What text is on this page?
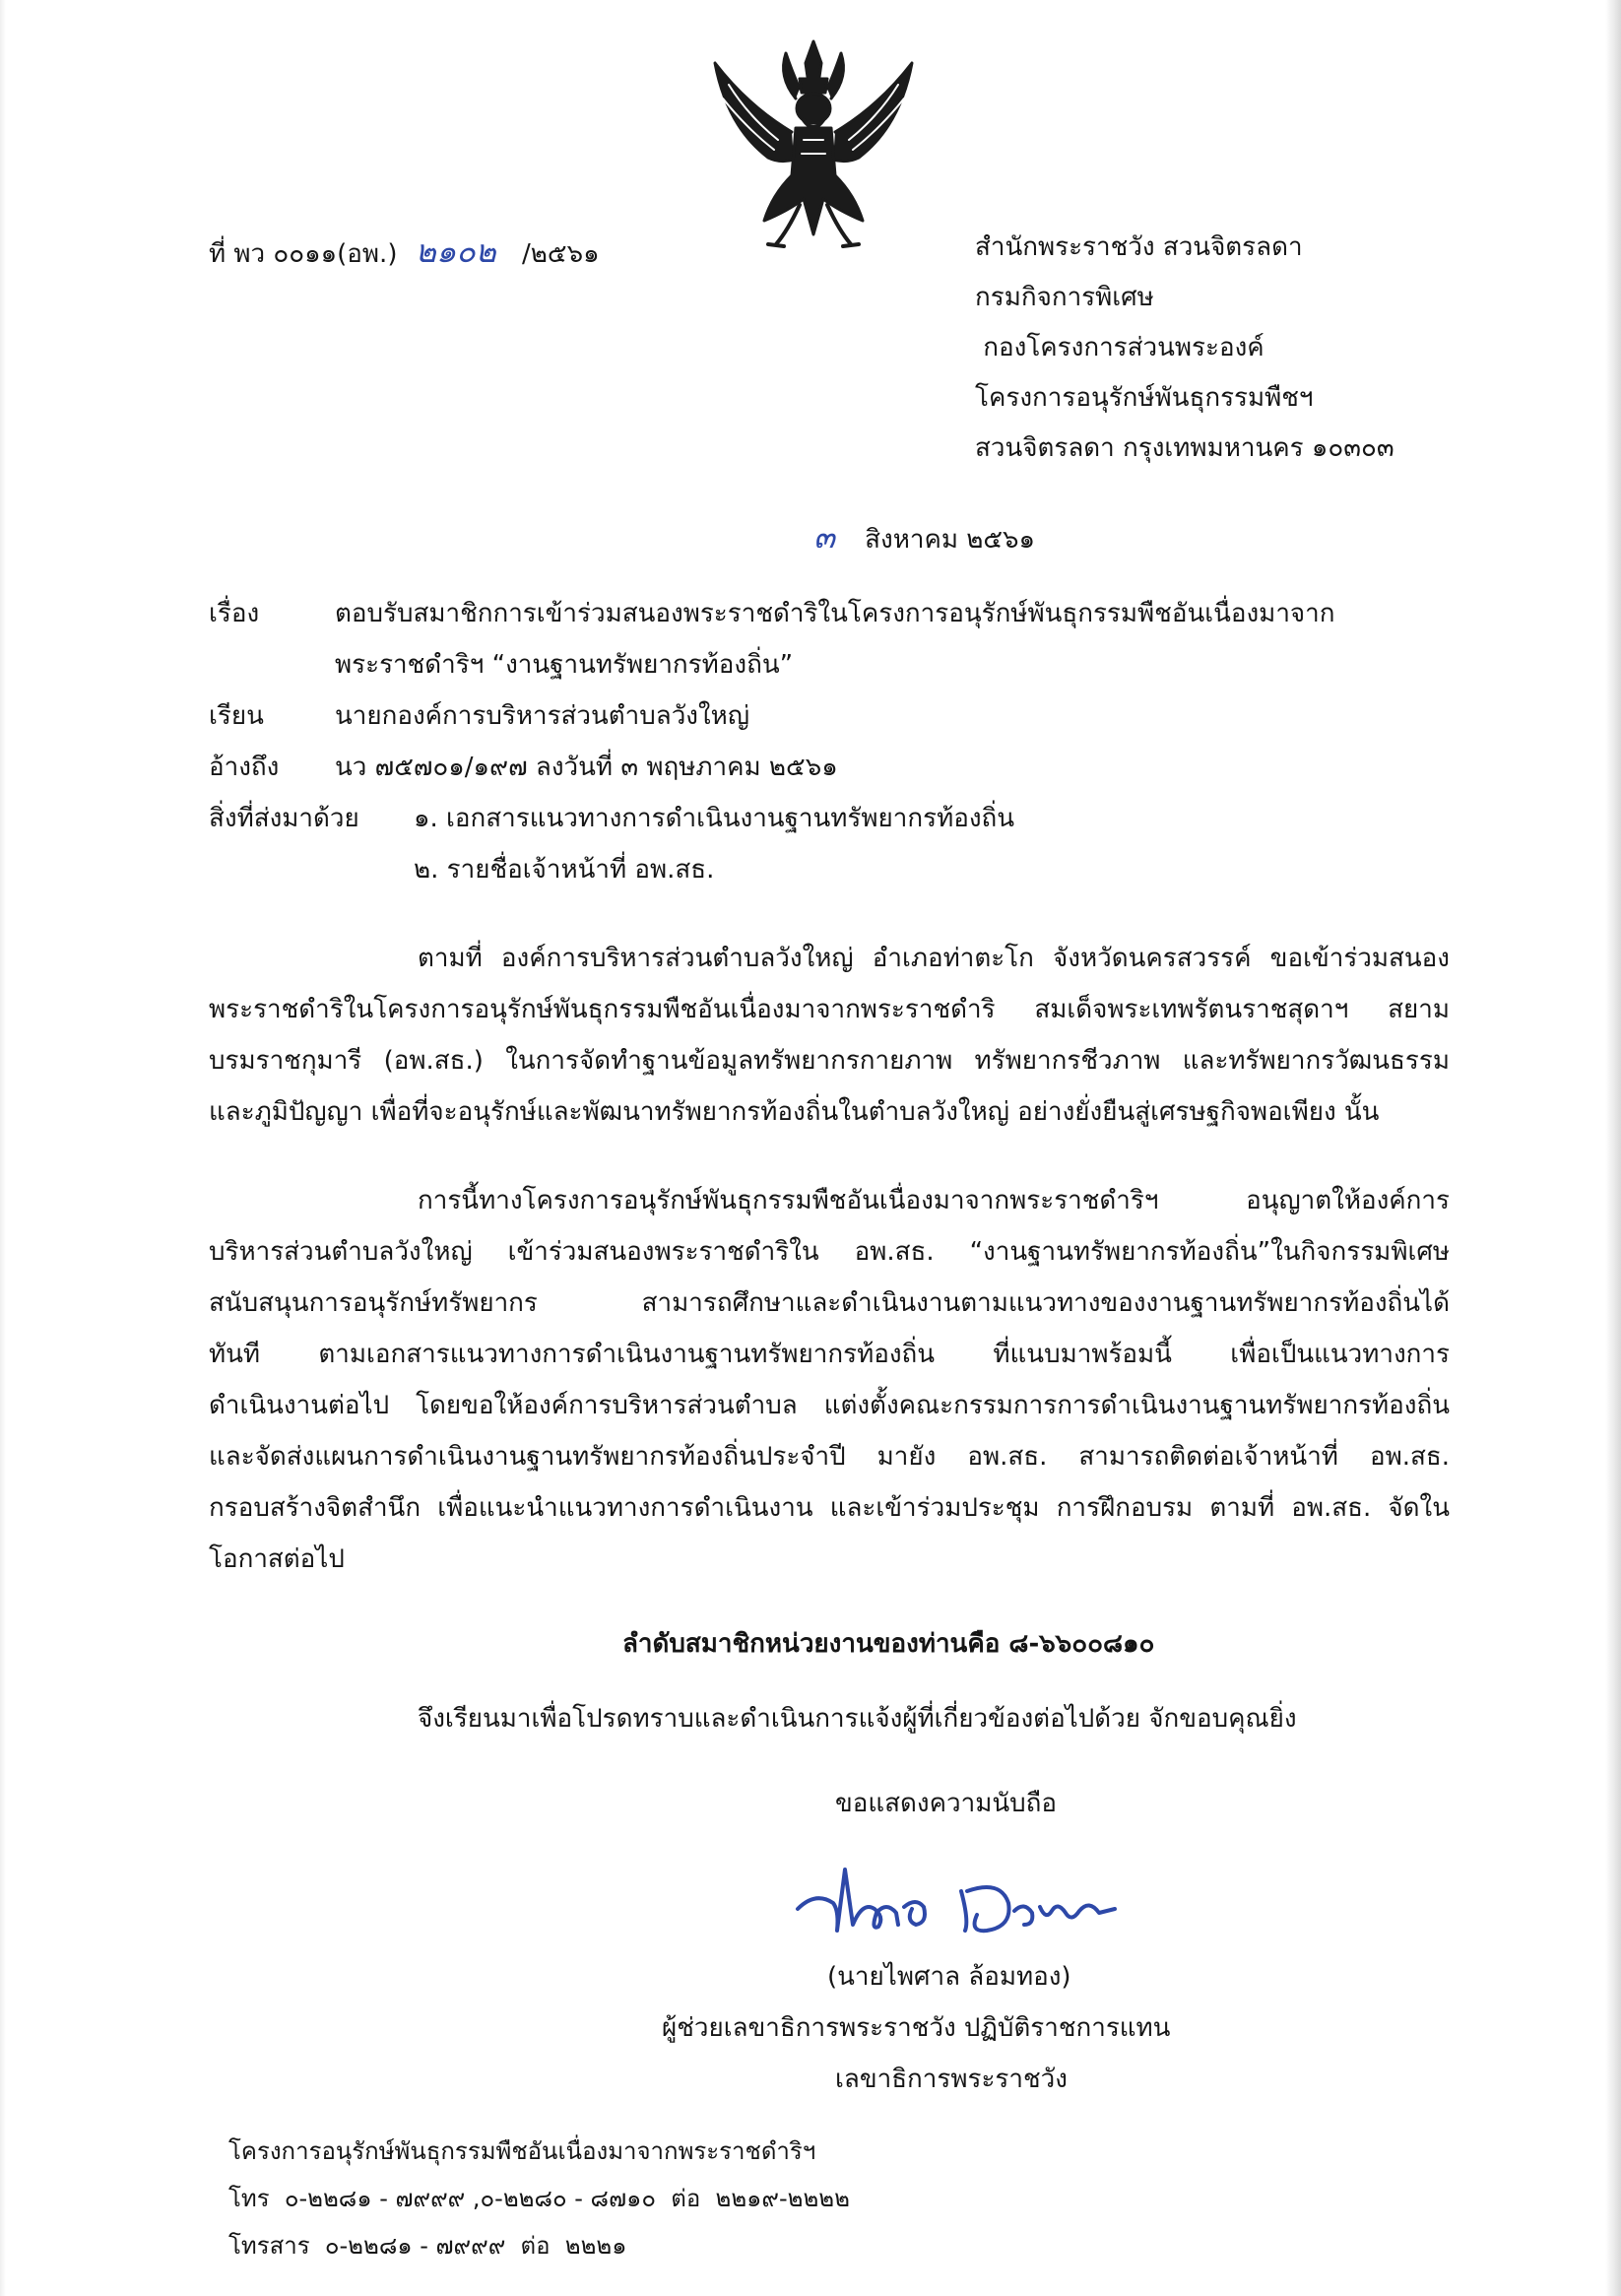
ที่ พว ๐๐๑๑(อพ.) ๒๑๐๒ /๒๕๖๑	สำนักพระราชวัง สวนจิตรลดา
กรมกิจการพิเศษ
กองโครงการส่วนพระองค์
โครงการอนุรักษ์พันธุกรรมพืชฯ
สวนจิตรลดา กรุงเทพมหานคร ๑๐๓๐๓
๓ สิงหาคม ๒๕๖๑
เรื่อง	ตอบรับสมาชิกการเข้าร่วมสนองพระราชดำริในโครงการอนุรักษ์พันธุกรรมพืชอันเนื่องมาจาก
พระราชดำริฯ “งานฐานทรัพยากรท้องถิ่น”
เรียน	นายกองค์การบริหารส่วนตำบลวังใหญ่
อ้างถึง นว ๗๕๗๐๑/๑๙๗ ลงวันที่ ๓ พฤษภาคม ๒๕๖๑
สิ่งที่ส่งมาด้วย ๑. เอกสารแนวทางการดำเนินงานฐานทรัพยากรท้องถิ่น
๒. รายชื่อเจ้าหน้าที่ อพ.สธ.
ตามที่ องค์การบริหารส่วนตำบลวังใหญ่ อำเภอท่าตะโก จังหวัดนครสวรรค์ ขอเข้าร่วมสนอง
พระราชดำริในโครงการอนุรักษ์พันธุกรรมพืชอันเนื่องมาจากพระราชดำริ สมเด็จพระเทพรัตนราชสุดาฯ สยาม
บรมราชกุมารี (อพ.สธ.) ในการจัดทำฐานข้อมูลทรัพยากรกายภาพ ทรัพยากรชีวภาพ และทรัพยากรวัฒนธรรม
และภูมิปัญญา เพื่อที่จะอนุรักษ์และพัฒนาทรัพยากรท้องถิ่นในตำบลวังใหญ่ อย่างยั่งยืนสู่เศรษฐกิจพอเพียง นั้น
การนี้ทางโครงการอนุรักษ์พันธุกรรมพืชอันเนื่องมาจากพระราชดำริฯ อนุญาตให้องค์การ
บริหารส่วนตำบลวังใหญ่ เข้าร่วมสนองพระราชดำริใน อพ.สธ. “งานฐานทรัพยากรท้องถิ่น”ในกิจกรรมพิเศษ
สนับสนุนการอนุรักษ์ทรัพยากร สามารถศึกษาและดำเนินงานตามแนวทางของงานฐานทรัพยากรท้องถิ่นได้
ทันที ตามเอกสารแนวทางการดำเนินงานฐานทรัพยากรท้องถิ่น ที่แนบมาพร้อมนี้ เพื่อเป็นแนวทางการ
ดำเนินงานต่อไป โดยขอให้องค์การบริหารส่วนตำบล แต่งตั้งคณะกรรมการการดำเนินงานฐานทรัพยากรท้องถิ่น
และจัดส่งแผนการดำเนินงานฐานทรัพยากรท้องถิ่นประจำปี มายัง อพ.สธ. สามารถติดต่อเจ้าหน้าที่ อพ.สธ.
กรอบสร้างจิตสำนึก เพื่อแนะนำแนวทางการดำเนินงาน และเข้าร่วมประชุม การฝึกอบรม ตามที่ อพ.สธ. จัดใน
โอกาสต่อไป
ลำดับสมาชิกหน่วยงานของท่านคือ ๘-๖๖๐๐๘๑๐
จึงเรียนมาเพื่อโปรดทราบและดำเนินการแจ้งผู้ที่เกี่ยวข้องต่อไปด้วย จักขอบคุณยิ่ง
ขอแสดงความนับถือ
(นายไพศาล ล้อมทอง)
ผู้ช่วยเลขาธิการพระราชวัง ปฏิบัติราชการแทน
เลขาธิการพระราชวัง
โครงการอนุรักษ์พันธุกรรมพืชอันเนื่องมาจากพระราชดำริฯ
โทร  ๐-๒๒๘๑ - ๗๙๙๙ ,๐-๒๒๘๐ - ๘๗๑๐  ต่อ  ๒๒๑๙-๒๒๒๒
โทรสาร  ๐-๒๒๘๑ - ๗๙๙๙  ต่อ  ๒๒๒๑
